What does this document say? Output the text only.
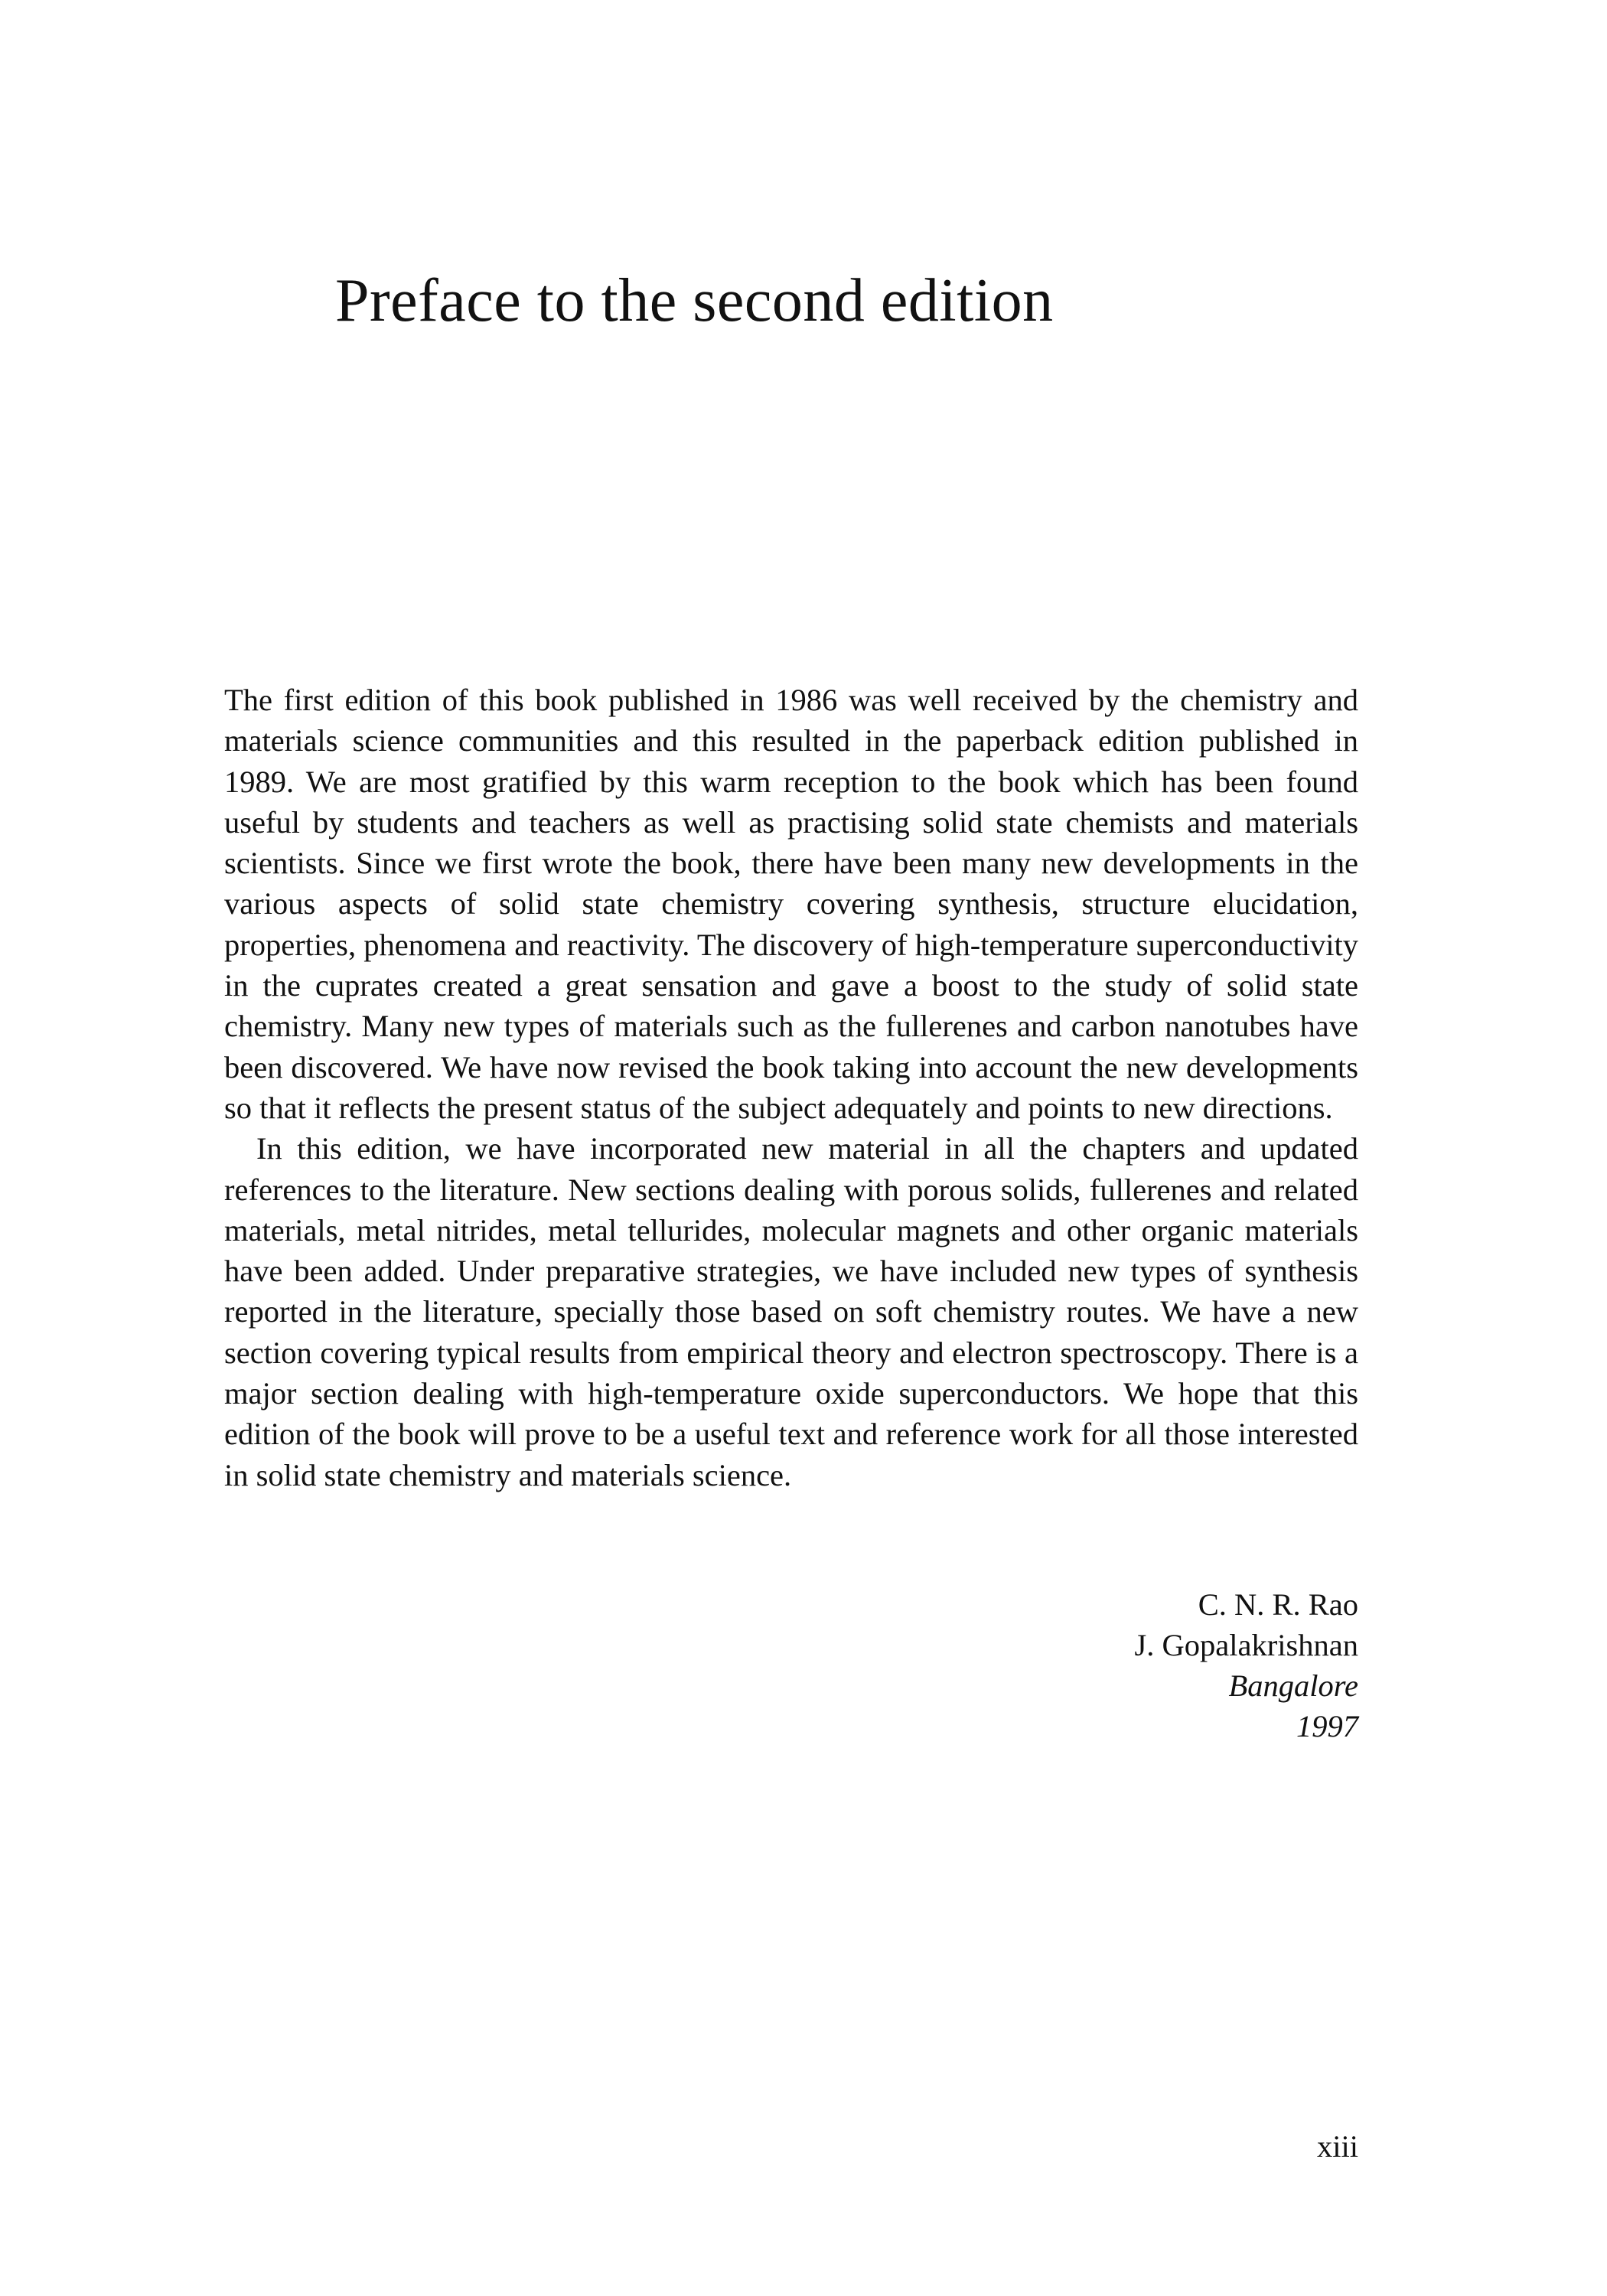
Preface to the second edition

The first edition of this book published in 1986 was well received by the chemistry and materials science communities and this resulted in the paperback edition published in 1989. We are most gratified by this warm reception to the book which has been found useful by students and teachers as well as practising solid state chemists and materials scientists. Since we first wrote the book, there have been many new developments in the various aspects of solid state chemistry covering synthesis, structure elucidation, properties, phenomena and reactivity. The discovery of high-temperature superconductivity in the cuprates created a great sensation and gave a boost to the study of solid state chemistry. Many new types of materials such as the fullerenes and carbon nanotubes have been discovered. We have now revised the book taking into account the new developments so that it reflects the present status of the subject adequately and points to new directions.

In this edition, we have incorporated new material in all the chapters and updated references to the literature. New sections dealing with porous solids, fullerenes and related materials, metal nitrides, metal tellurides, molecular magnets and other organic materials have been added. Under preparative strategies, we have included new types of synthesis reported in the literature, specially those based on soft chemistry routes. We have a new section covering typical results from empirical theory and electron spectroscopy. There is a major section dealing with high-temperature oxide superconductors. We hope that this edition of the book will prove to be a useful text and reference work for all those interested in solid state chemistry and materials science.

C. N. R. Rao
J. Gopalakrishnan
Bangalore
1997
xiii
